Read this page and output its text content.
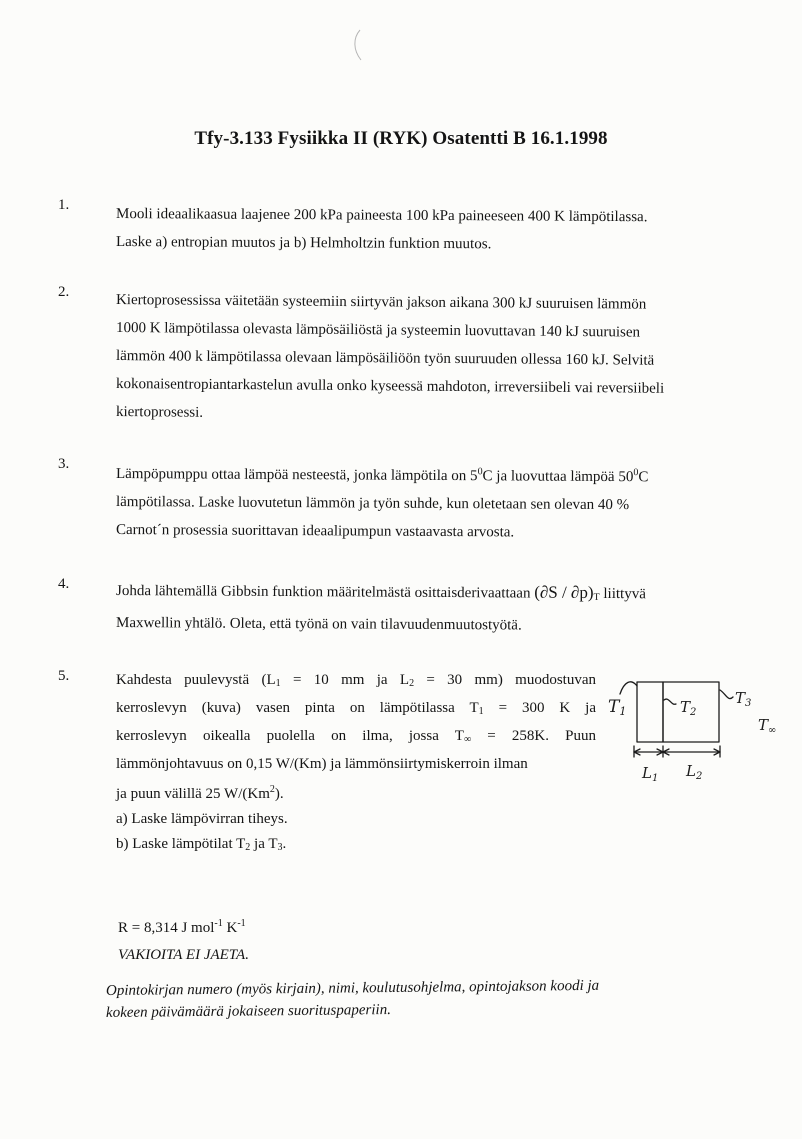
Tfy-3.133 Fysiikka II (RYK) Osatentti B 16.1.1998
1.
Mooli ideaalikaasua laajenee 200 kPa paineesta 100 kPa paineeseen 400 K lämpötilassa.
Laske a) entropian muutos ja b) Helmholtzin funktion muutos.
2.
Kiertoprosessissa väitetään systeemiin siirtyvän jakson aikana 300 kJ suuruisen lämmön
1000 K lämpötilassa olevasta lämpösäiliöstä ja systeemin luovuttavan 140 kJ suuruisen
lämmön 400 k lämpötilassa olevaan lämpösäiliöön työn suuruuden ollessa 160 kJ. Selvitä
kokonaisentropiantarkastelun avulla onko kyseessä mahdoton, irreversiibeli vai reversiibeli
kiertoprosessi.
3.
Lämpöpumppu ottaa lämpöä nesteestä, jonka lämpötila on $5^0C$ ja luovuttaa lämpöä $50^0C$
lämpötilassa. Laske luovutetun lämmön ja työn suhde, kun oletetaan sen olevan 40 %
Carnot´n prosessia suorittavan ideaalipumpun vastaavasta arvosta.
4.	Johda lähtemällä Gibbsin funktion määritelmästä osittaisderivaattaan $(\partial S / \partial p)_T$ liittyvä
Maxwellin yhtälö. Oleta, että työnä on vain tilavuudenmuutostyötä.
5.	Kahdesta puulevystä ($L_1 = 10$ mm ja $L_2 = 30$ mm) muodostuvan
kerroslevyn (kuva) vasen pinta on lämpötilassa $T_1 = 300$ K ja
kerroslevyn oikealla puolella on ilma, jossa $T_\infty = 258K$. Puun
lämmönjohtavuus on 0,15 W/(Km) ja lämmönsiirtymiskerroin ilman
ja puun välillä 25 W/(Km$^2$).
a) Laske lämpövirran tiheys.
b) Laske lämpötilat $T_2$ ja $T_3$.
T1	$T_2$
$T_3$
$T_\infty$
$L_1$ $L_2$
R = 8,314 J mol$^{-1}$ $K^{-1}$
VAKIOITA EI JAETA.
Opintokirjan numero (myös kirjain), nimi, koulutusohjelma, opintojakson koodi ja
kokeen päivämäärä jokaiseen suorituspaperiin.
